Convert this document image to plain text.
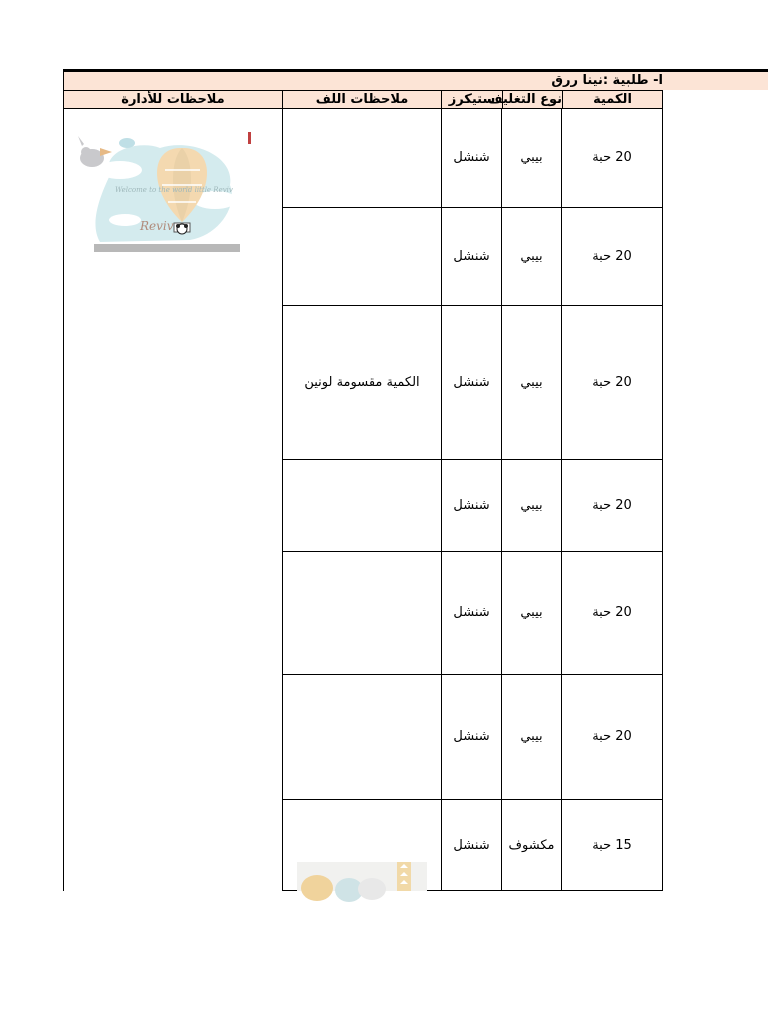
ا- طلبية :نينا ررق
الكمية
نوع التغليف
ستيكرز
ملاحظات اللف
ملاحظات للأدارة
20 حبة
بيبي
شنشل
20 حبة
بيبي
شنشل
20 حبة
بيبي
شنشل
الكمية مقسومة لونين
20 حبة
بيبي
شنشل
20 حبة
بيبي
شنشل
20 حبة
بيبي
شنشل
15 حبة
مكشوف
شنشل
Welcome to the world little Reviv
Reviv
